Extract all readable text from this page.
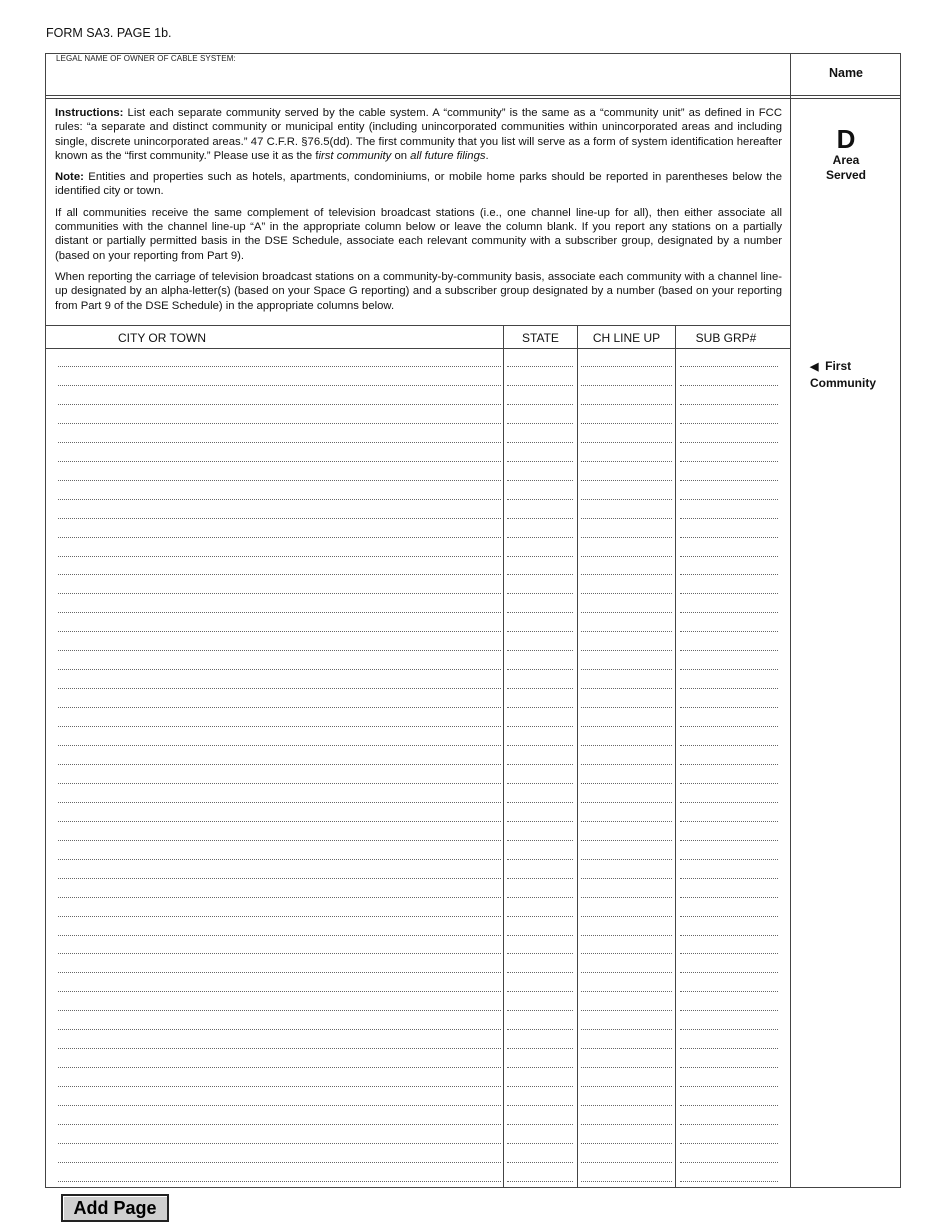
FORM SA3. PAGE 1b.
LEGAL NAME OF OWNER OF CABLE SYSTEM:
Name

Instructions: List each separate community served by the cable system. A “community” is the same as a “community unit” as defined in FCC rules: “a separate and distinct community or municipal entity (including unincorporated communities within unincorporated areas and including single, discrete unincorporated areas.” 47 C.F.R. §76.5(dd). The first community that you list will serve as a form of system identification hereafter known as the “first community.” Please use it as the first community on all future filings.

Note: Entities and properties such as hotels, apartments, condominiums, or mobile home parks should be reported in parentheses below the identified city or town.

If all communities receive the same complement of television broadcast stations (i.e., one channel line-up for all), then either associate all communities with the channel line-up “A” in the appropriate column below or leave the column blank. If you report any stations on a partially distant or partially permitted basis in the DSE Schedule, associate each relevant community with a subscriber group, designated by a number (based on your reporting from Part 9).

When reporting the carriage of television broadcast stations on a community-by-community basis, associate each community with a channel line-up designated by an alpha-letter(s) (based on your Space G reporting) and a subscriber group designated by a number (based on your reporting from Part 9 of the DSE Schedule) in the appropriate columns below.

D
Area
Served
CITY OR TOWN	STATE	CH LINE UP	SUB GRP#
◀ First
Community
Add Page
